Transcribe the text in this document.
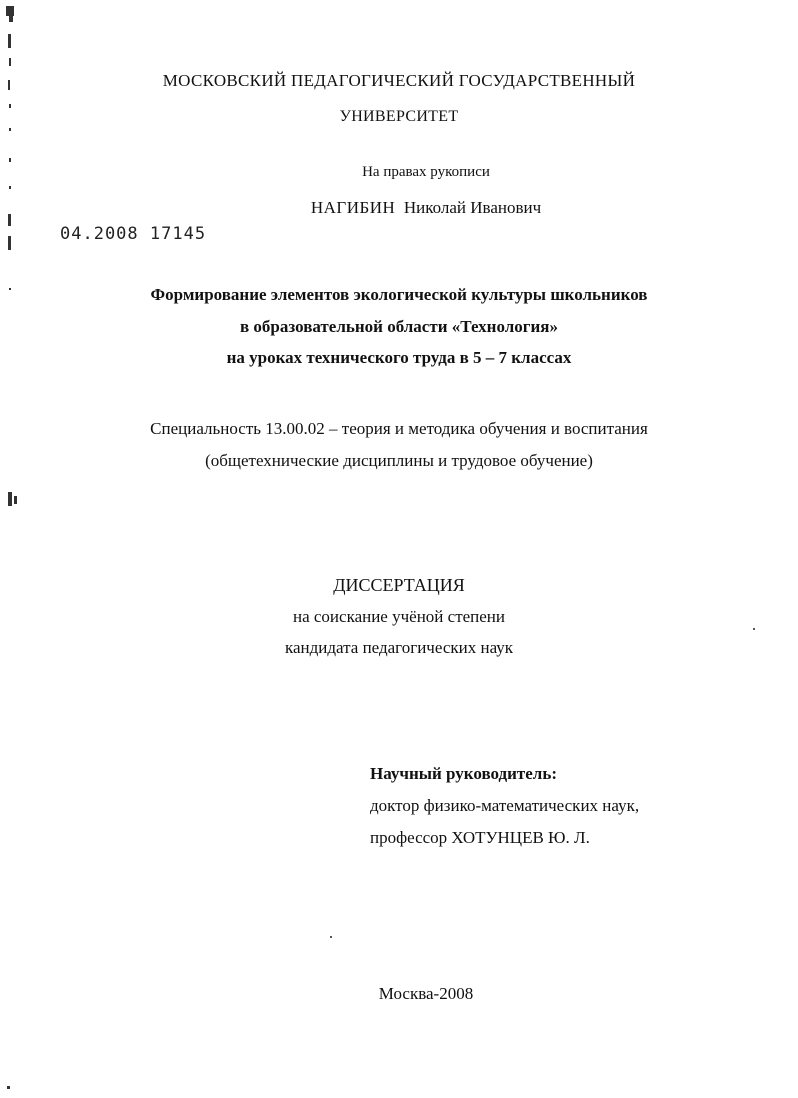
МОСКОВСКИЙ ПЕДАГОГИЧЕСКИЙ ГОСУДАРСТВЕННЫЙ
УНИВЕРСИТЕТ
На правах рукописи
НАГИБИН Николай Иванович
04.2008 17145
Формирование элементов экологической культуры школьников
в образовательной области «Технология»
на уроках технического труда в 5 – 7 классах
Специальность 13.00.02 – теория и методика обучения и воспитания
(общетехнические дисциплины и трудовое обучение)
ДИССЕРТАЦИЯ
на соискание учёной степени
кандидата педагогических наук
Научный руководитель:
доктор физико-математических наук,
профессор ХОТУНЦЕВ Ю. Л.
Москва-2008
